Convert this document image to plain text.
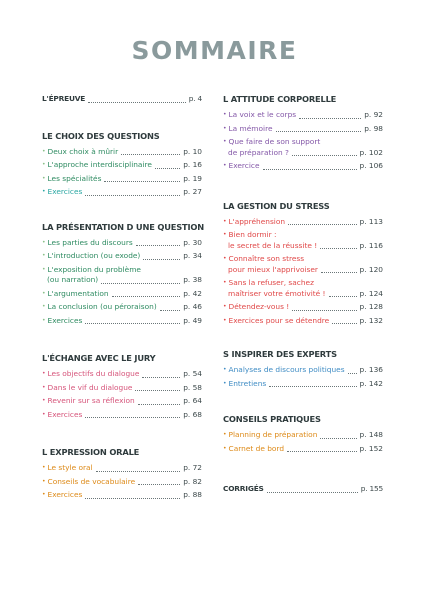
SOMMAIRE
L'ÉPREUVE	p. 4
LE CHOIX DES QUESTIONS
• Deux choix à mûrir	p. 10
• L'approche interdisciplinaire	p. 16
• Les spécialités	p. 19
• Exercices	p. 27
LA PRÉSENTATION D UNE QUESTION
• Les parties du discours	p. 30
• L'introduction (ou exode)	p. 34
• L'exposition du problème
(ou narration)	p. 38
• L'argumentation	p. 42
• La conclusion (ou péroraison)	p. 46
• Exercices	p. 49
L'ÉCHANGE AVEC LE JURY
• Les objectifs du dialogue	p. 54
• Dans le vif du dialogue	p. 58
• Revenir sur sa réflexion	p. 64
• Exercices	p. 68
L EXPRESSION ORALE
• Le style oral	p. 72
• Conseils de vocabulaire	p. 82
• Exercices	p. 88
L ATTITUDE CORPORELLE
• La voix et le corps	p. 92
• La mémoire	p. 98
• Que faire de son support
de préparation ?	p. 102
• Exercice	p. 106
LA GESTION DU STRESS
• L'appréhension	p. 113
• Bien dormir :
le secret de la réussite !	p. 116
• Connaître son stress
pour mieux l'apprivoiser	p. 120
• Sans la refuser, sachez
maîtriser votre émotivité !	p. 124
• Détendez-vous !	p. 128
• Exercices pour se détendre	p. 132
S INSPIRER DES EXPERTS
• Analyses de discours politiques p. 136
• Entretiens	p. 142
CONSEILS PRATIQUES
• Planning de préparation	p. 148
• Carnet de bord	p. 152
CORRIGÉS	p. 155
